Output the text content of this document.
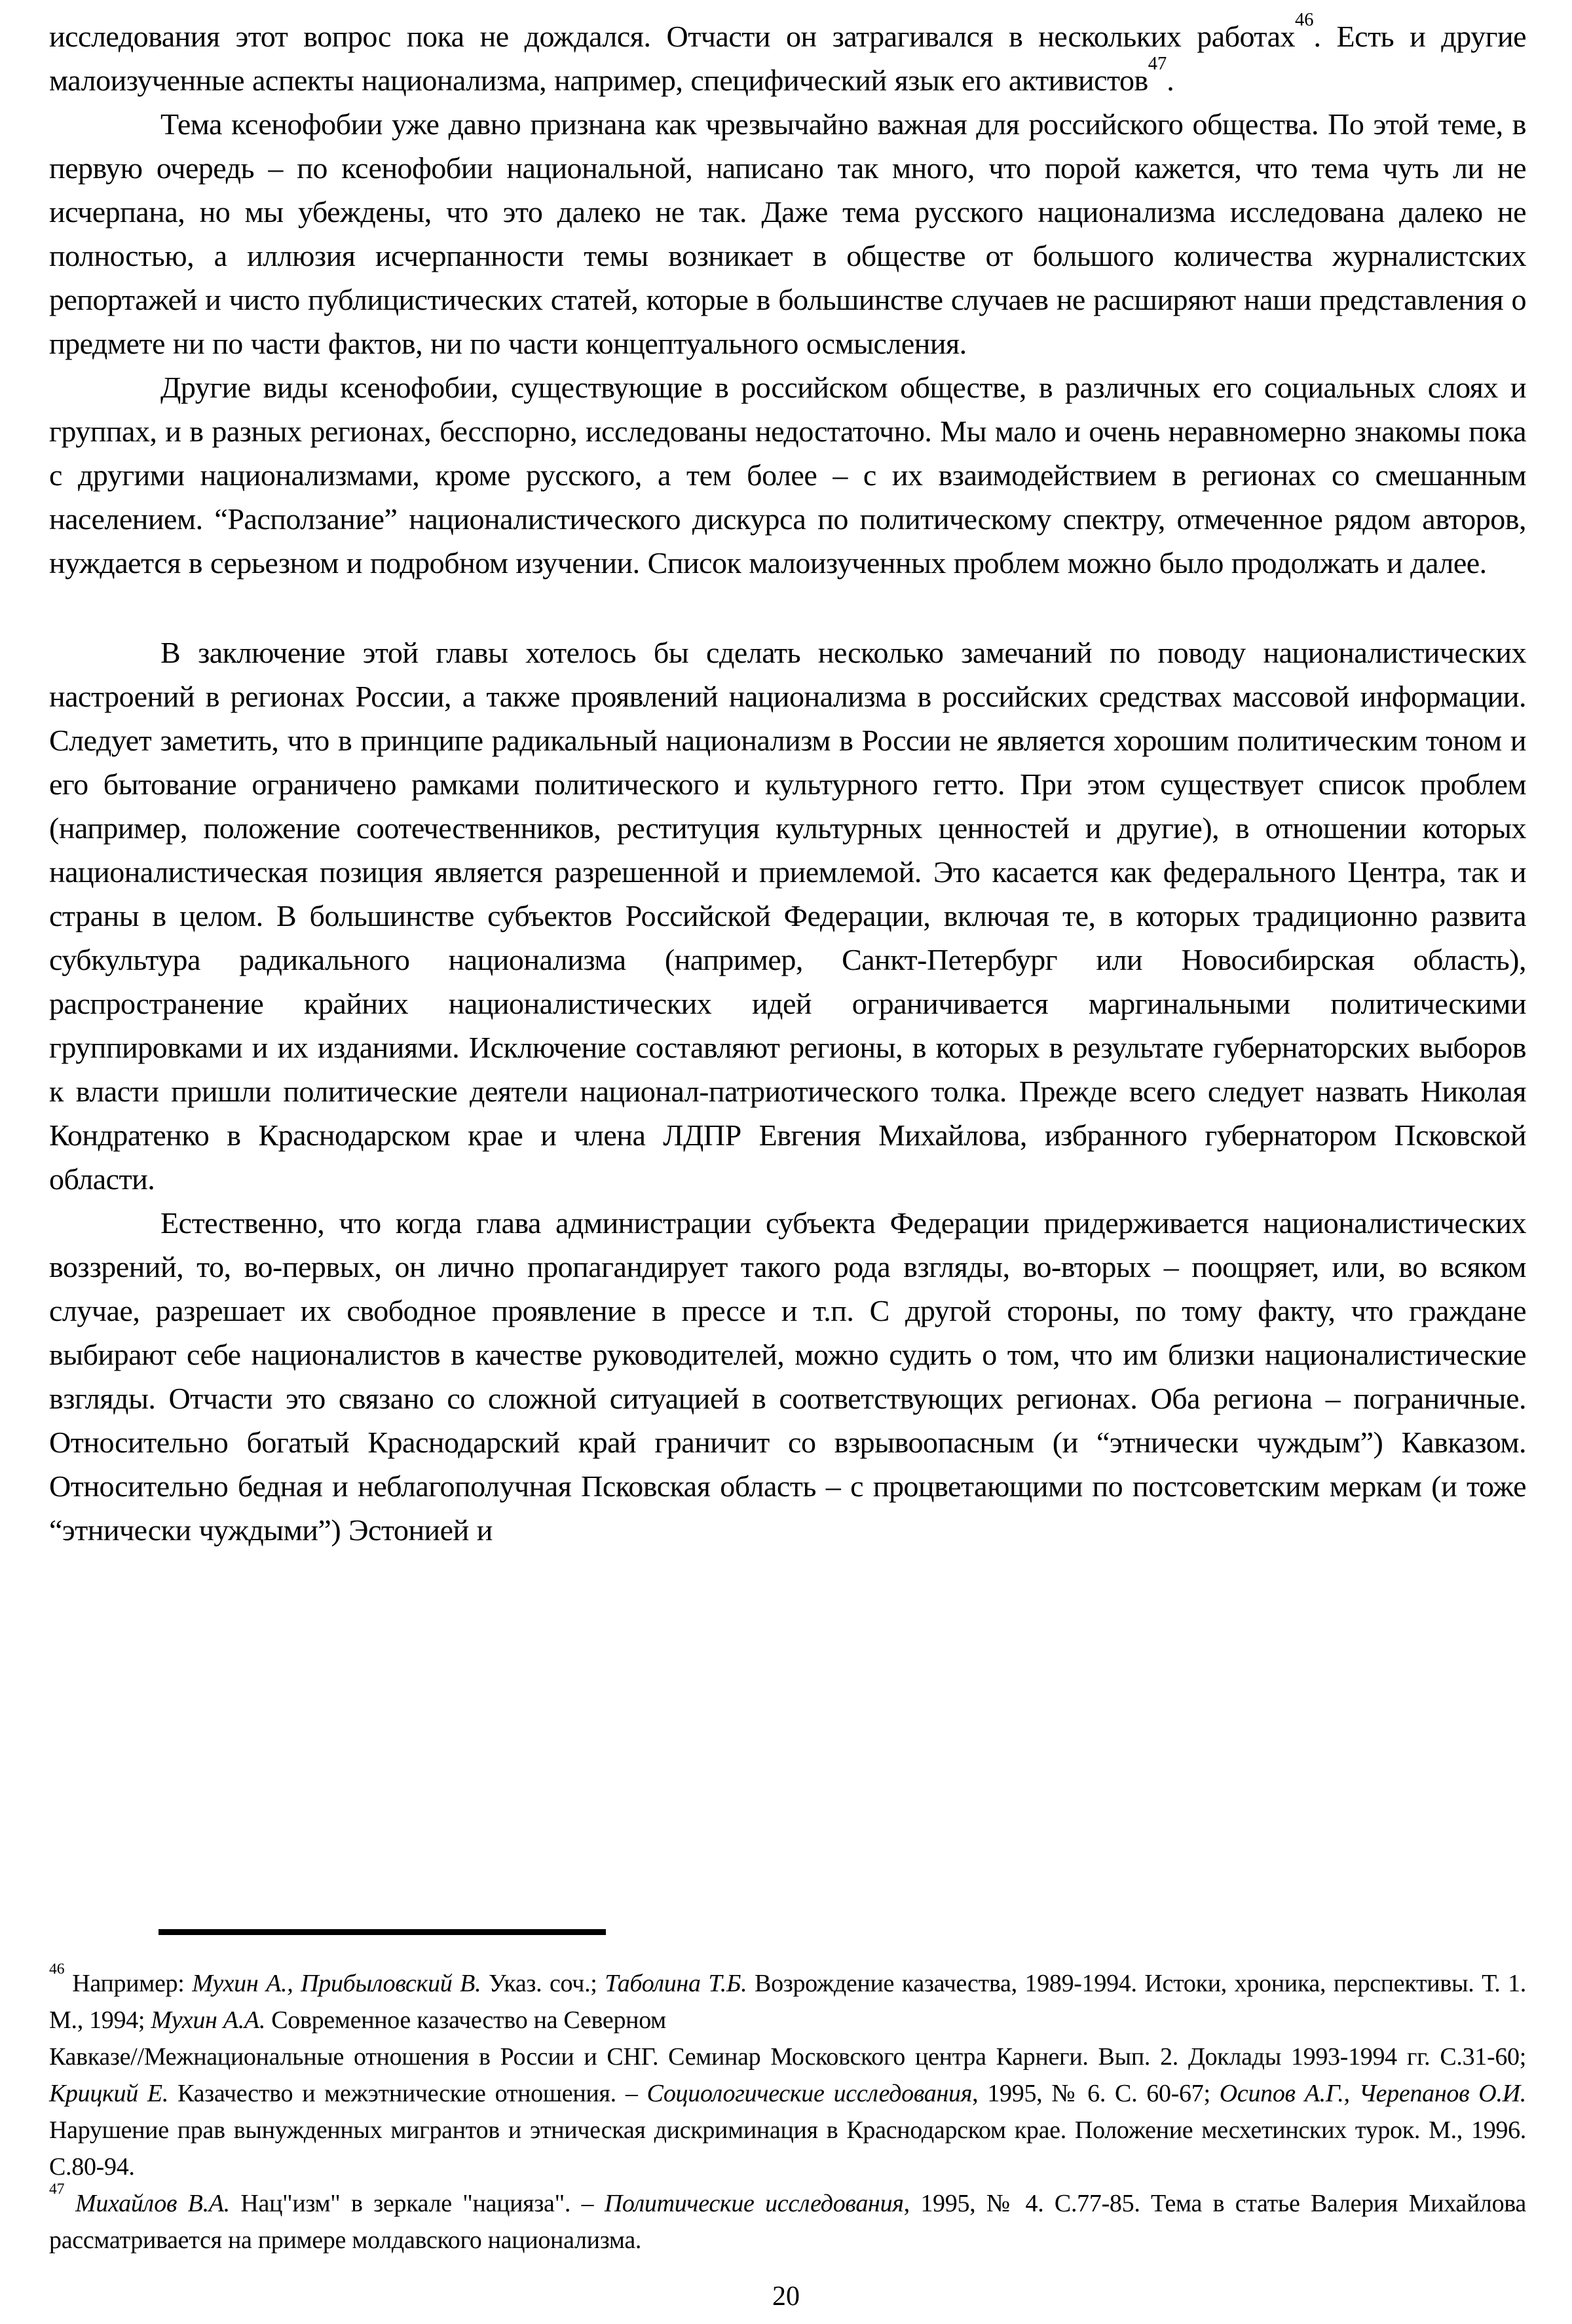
исследования этот вопрос пока не дождался. Отчасти он затрагивался в нескольких работах$^{46}$. Есть и другие малоизученные аспекты национализма, например, специфический язык его активистов$^{47}$.

Тема ксенофобии уже давно признана как чрезвычайно важная для российского общества. По этой теме, в первую очередь – по ксенофобии национальной, написано так много, что порой кажется, что тема чуть ли не исчерпана, но мы убеждены, что это далеко не так. Даже тема русского национализма исследована далеко не полностью, а иллюзия исчерпанности темы возникает в обществе от большого количества журналистских репортажей и чисто публицистических статей, которые в большинстве случаев не расширяют наши представления о предмете ни по части фактов, ни по части концептуального осмысления.

Другие виды ксенофобии, существующие в российском обществе, в различных его социальных слоях и группах, и в разных регионах, бесспорно, исследованы недостаточно. Мы мало и очень неравномерно знакомы пока с другими национализмами, кроме русского, а тем более – с их взаимодействием в регионах со смешанным населением. “Расползание” националистического дискурса по политическому спектру, отмеченное рядом авторов, нуждается в серьезном и подробном изучении. Список малоизученных проблем можно было продолжать и далее.

В заключение этой главы хотелось бы сделать несколько замечаний по поводу националистических настроений в регионах России, а также проявлений национализма в российских средствах массовой информации. Следует заметить, что в принципе радикальный национализм в России не является хорошим политическим тоном и его бытование ограничено рамками политического и культурного гетто. При этом существует список проблем (например, положение соотечественников, реституция культурных ценностей и другие), в отношении которых националистическая позиция является разрешенной и приемлемой. Это касается как федерального Центра, так и страны в целом. В большинстве субъектов Российской Федерации, включая те, в которых традиционно развита субкультура радикального национализма (например, Санкт-Петербург или Новосибирская область), распространение крайних националистических идей ограничивается маргинальными политическими группировками и их изданиями. Исключение составляют регионы, в которых в результате губернаторских выборов к власти пришли политические деятели национал-патриотического толка. Прежде всего следует назвать Николая Кондратенко в Краснодарском крае и члена ЛДПР Евгения Михайлова, избранного губернатором Псковской области.

Естественно, что когда глава администрации субъекта Федерации придерживается националистических воззрений, то, во-первых, он лично пропагандирует такого рода взгляды, во-вторых – поощряет, или, во всяком случае, разрешает их свободное проявление в прессе и т.п. С другой стороны, по тому факту, что граждане выбирают себе националистов в качестве руководителей, можно судить о том, что им близки националистические взгляды. Отчасти это связано со сложной ситуацией в соответствующих регионах. Оба региона – пограничные. Относительно богатый Краснодарский край граничит со взрывоопасным (и “этнически чуждым”) Кавказом. Относительно бедная и неблагополучная Псковская область – с процветающими по постсоветским меркам (и тоже “этнически чуждыми”) Эстонией и

$^{46}$ Например: Мухин А., Прибыловский В. Указ. соч.; Таболина Т.Б. Возрождение казачества, 1989-1994. Истоки, хроника, перспективы. Т. 1. М., 1994; Мухин А.А. Современное казачество на Северном
Кавказе//Межнациональные отношения в России и СНГ. Семинар Московского центра Карнеги. Вып. 2. Доклады 1993-1994 гг. С.31-60; Крицкий Е. Казачество и межэтнические отношения. – Социологические исследования, 1995, № 6. С. 60-67; Осипов А.Г., Черепанов О.И. Нарушение прав вынужденных мигрантов и этническая дискриминация в Краснодарском крае. Положение месхетинских турок. М., 1996. С.80-94.

$^{47}$ Михайлов В.А. Нац"изм" в зеркале "нацияза". – Политические исследования, 1995, № 4. С.77-85. Тема в статье Валерия Михайлова рассматривается на примере молдавского национализма.

20
